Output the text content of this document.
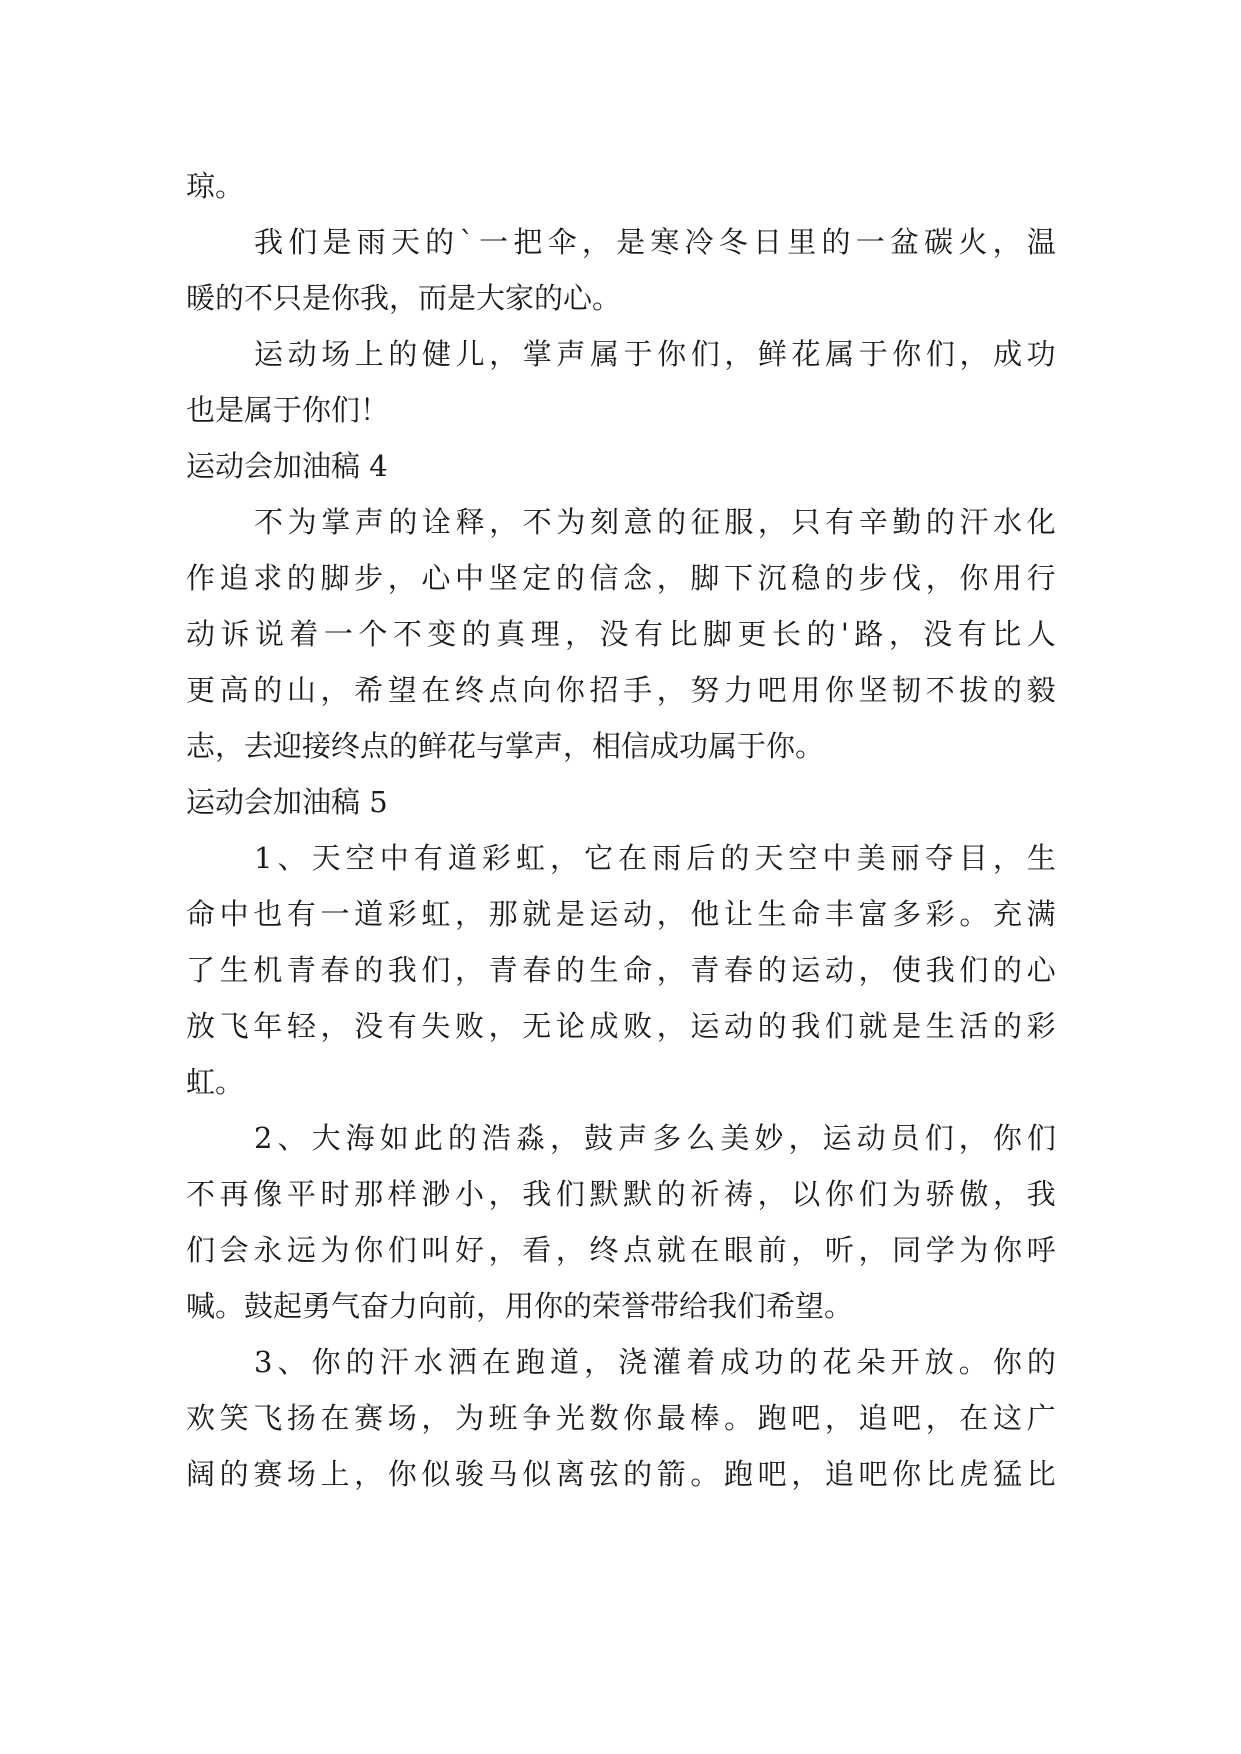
琼。
我 们 是 雨 天 的 ` 一 把 伞 ， 是 寒 冷 冬 日 里 的 一 盆 碳 火 ， 温
暖的不只是你我，而是大家的心。
运 动 场 上 的 健 儿 ， 掌 声 属 于 你 们 ， 鲜 花 属 于 你 们 ， 成 功
也是属于你们！
运动会加油稿 4
不 为 掌 声 的 诠 释 ， 不 为 刻 意 的 征 服 ， 只 有 辛 勤 的 汗 水 化
作 追 求 的 脚 步 ， 心 中 坚 定 的 信 念 ， 脚 下 沉 稳 的 步 伐 ， 你 用 行
动 诉 说 着 一 个 不 变 的 真 理 ， 没 有 比 脚 更 长 的 ' 路 ， 没 有 比 人
更 高 的 山 ， 希 望 在 终 点 向 你 招 手 ， 努 力 吧 用 你 坚 韧 不 拔 的 毅
志，去迎接终点的鲜花与掌声，相信成功属于你。
运动会加油稿 5
1 、 天 空 中 有 道 彩 虹 ， 它 在 雨 后 的 天 空 中 美 丽 夺 目 ， 生
命 中 也 有 一 道 彩 虹 ， 那 就 是 运 动 ， 他 让 生 命 丰 富 多 彩 。 充 满
了 生 机 青 春 的 我 们 ， 青 春 的 生 命 ， 青 春 的 运 动 ， 使 我 们 的 心
放 飞 年 轻 ， 没 有 失 败 ， 无 论 成 败 ， 运 动 的 我 们 就 是 生 活 的 彩
虹。
2 、 大 海 如 此 的 浩 淼 ， 鼓 声 多 么 美 妙 ， 运 动 员 们 ， 你 们
不 再 像 平 时 那 样 渺 小 ， 我 们 默 默 的 祈 祷 ， 以 你 们 为 骄 傲 ， 我
们 会 永 远 为 你 们 叫 好 ， 看 ， 终 点 就 在 眼 前 ， 听 ， 同 学 为 你 呼
喊。鼓起勇气奋力向前，用你的荣誉带给我们希望。
3 、 你 的 汗 水 洒 在 跑 道 ， 浇 灌 着 成 功 的 花 朵 开 放 。 你 的
欢 笑 飞 扬 在 赛 场 ， 为 班 争 光 数 你 最 棒 。 跑 吧 ， 追 吧 ， 在 这 广
阔 的 赛 场 上 ， 你 似 骏 马 似 离 弦 的 箭 。 跑 吧 ， 追 吧 你 比 虎 猛 比
